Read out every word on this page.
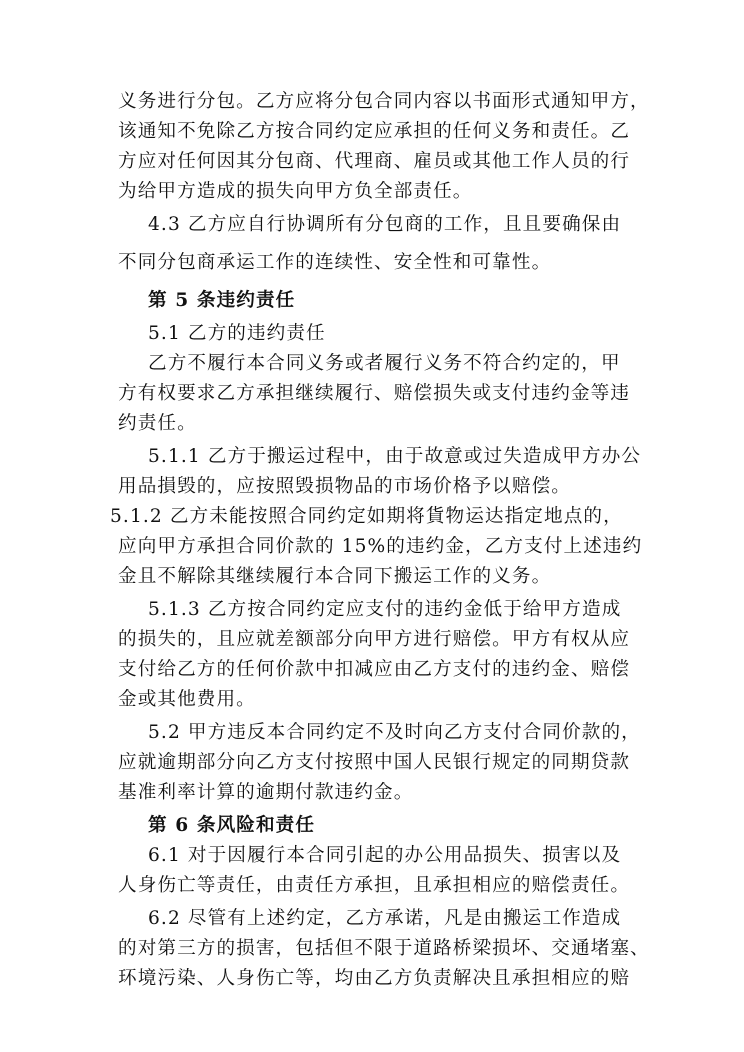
义务进行分包。乙方应将分包合同内容以书面形式通知甲方，
该通知不免除乙方按合同约定应承担的任何义务和责任。乙
方应对任何因其分包商、代理商、雇员或其他工作人员的行
为给甲方造成的损失向甲方负全部责任。
4.3 乙方应自行协调所有分包商的工作，且且要确保由
不同分包商承运工作的连续性、安全性和可靠性。
第 5 条违约责任
5.1 乙方的违约责任
乙方不履行本合同义务或者履行义务不符合约定的，甲
方有权要求乙方承担继续履行、赔偿损失或支付违约金等违
约责任。
5.1.1 乙方于搬运过程中，由于故意或过失造成甲方办公
用品損毁的，应按照毁损物品的市场价格予以赔偿。
5.1.2 乙方未能按照合同约定如期将貨物运达指定地点的，
应向甲方承担合同价款的 15%的违约金，乙方支付上述违约
金且不解除其继续履行本合同下搬运工作的义务。
5.1.3 乙方按合同约定应支付的违约金低于给甲方造成
的损失的，且应就差额部分向甲方进行赔偿。甲方有权从应
支付给乙方的任何价款中扣减应由乙方支付的违约金、赔偿
金或其他费用。
5.2 甲方违反本合同约定不及时向乙方支付合同价款的，
应就逾期部分向乙方支付按照中国人民银行规定的同期贷款
基准利率计算的逾期付款违约金。
第 6 条风险和责任
6.1 对于因履行本合同引起的办公用品损失、损害以及
人身伤亡等责任，由责任方承担，且承担相应的赔偿责任。
6.2 尽管有上述约定，乙方承诺，凡是由搬运工作造成
的对第三方的损害，包括但不限于道路桥梁损坏、交通堵塞、
环境污染、人身伤亡等，均由乙方负责解决且承担相应的赔
